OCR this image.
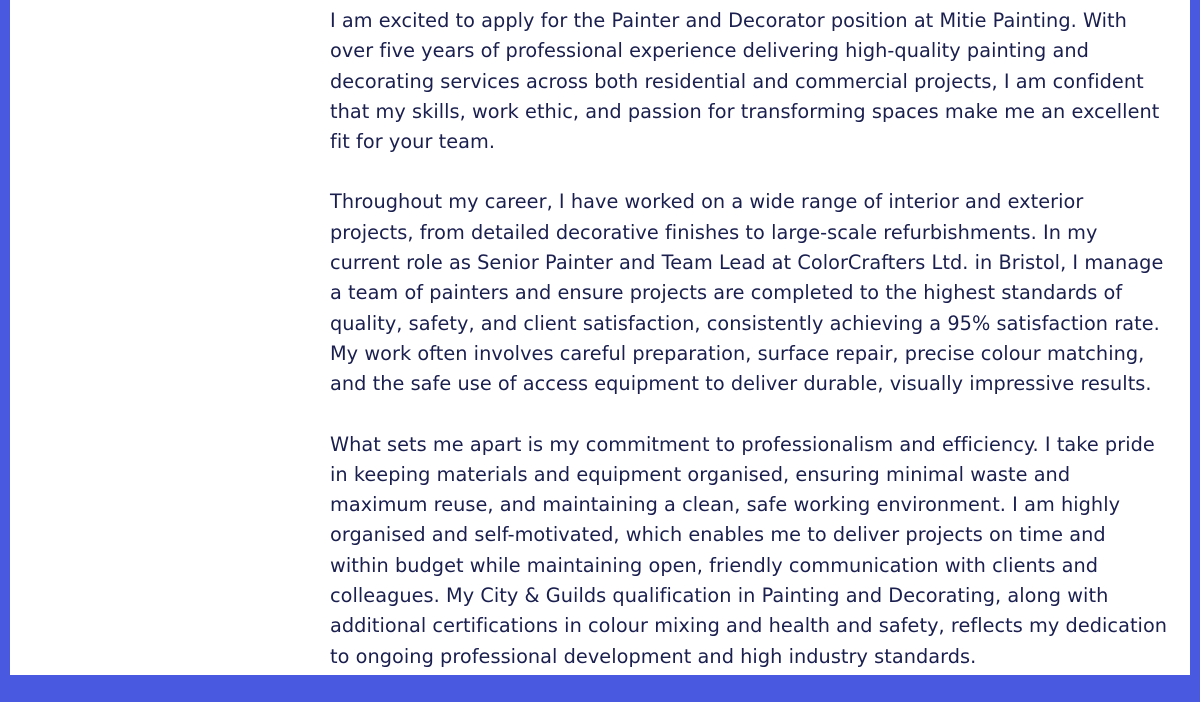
I am excited to apply for the Painter and Decorator position at Mitie Painting. With over five years of professional experience delivering high-quality painting and decorating services across both residential and commercial projects, I am confident that my skills, work ethic, and passion for transforming spaces make me an excellent fit for your team.

Throughout my career, I have worked on a wide range of interior and exterior projects, from detailed decorative finishes to large-scale refurbishments. In my current role as Senior Painter and Team Lead at ColorCrafters Ltd. in Bristol, I manage a team of painters and ensure projects are completed to the highest standards of quality, safety, and client satisfaction, consistently achieving a 95% satisfaction rate. My work often involves careful preparation, surface repair, precise colour matching, and the safe use of access equipment to deliver durable, visually impressive results.

What sets me apart is my commitment to professionalism and efficiency. I take pride in keeping materials and equipment organised, ensuring minimal waste and maximum reuse, and maintaining a clean, safe working environment. I am highly organised and self-motivated, which enables me to deliver projects on time and within budget while maintaining open, friendly communication with clients and colleagues. My City & Guilds qualification in Painting and Decorating, along with additional certifications in colour mixing and health and safety, reflects my dedication to ongoing professional development and high industry standards.
